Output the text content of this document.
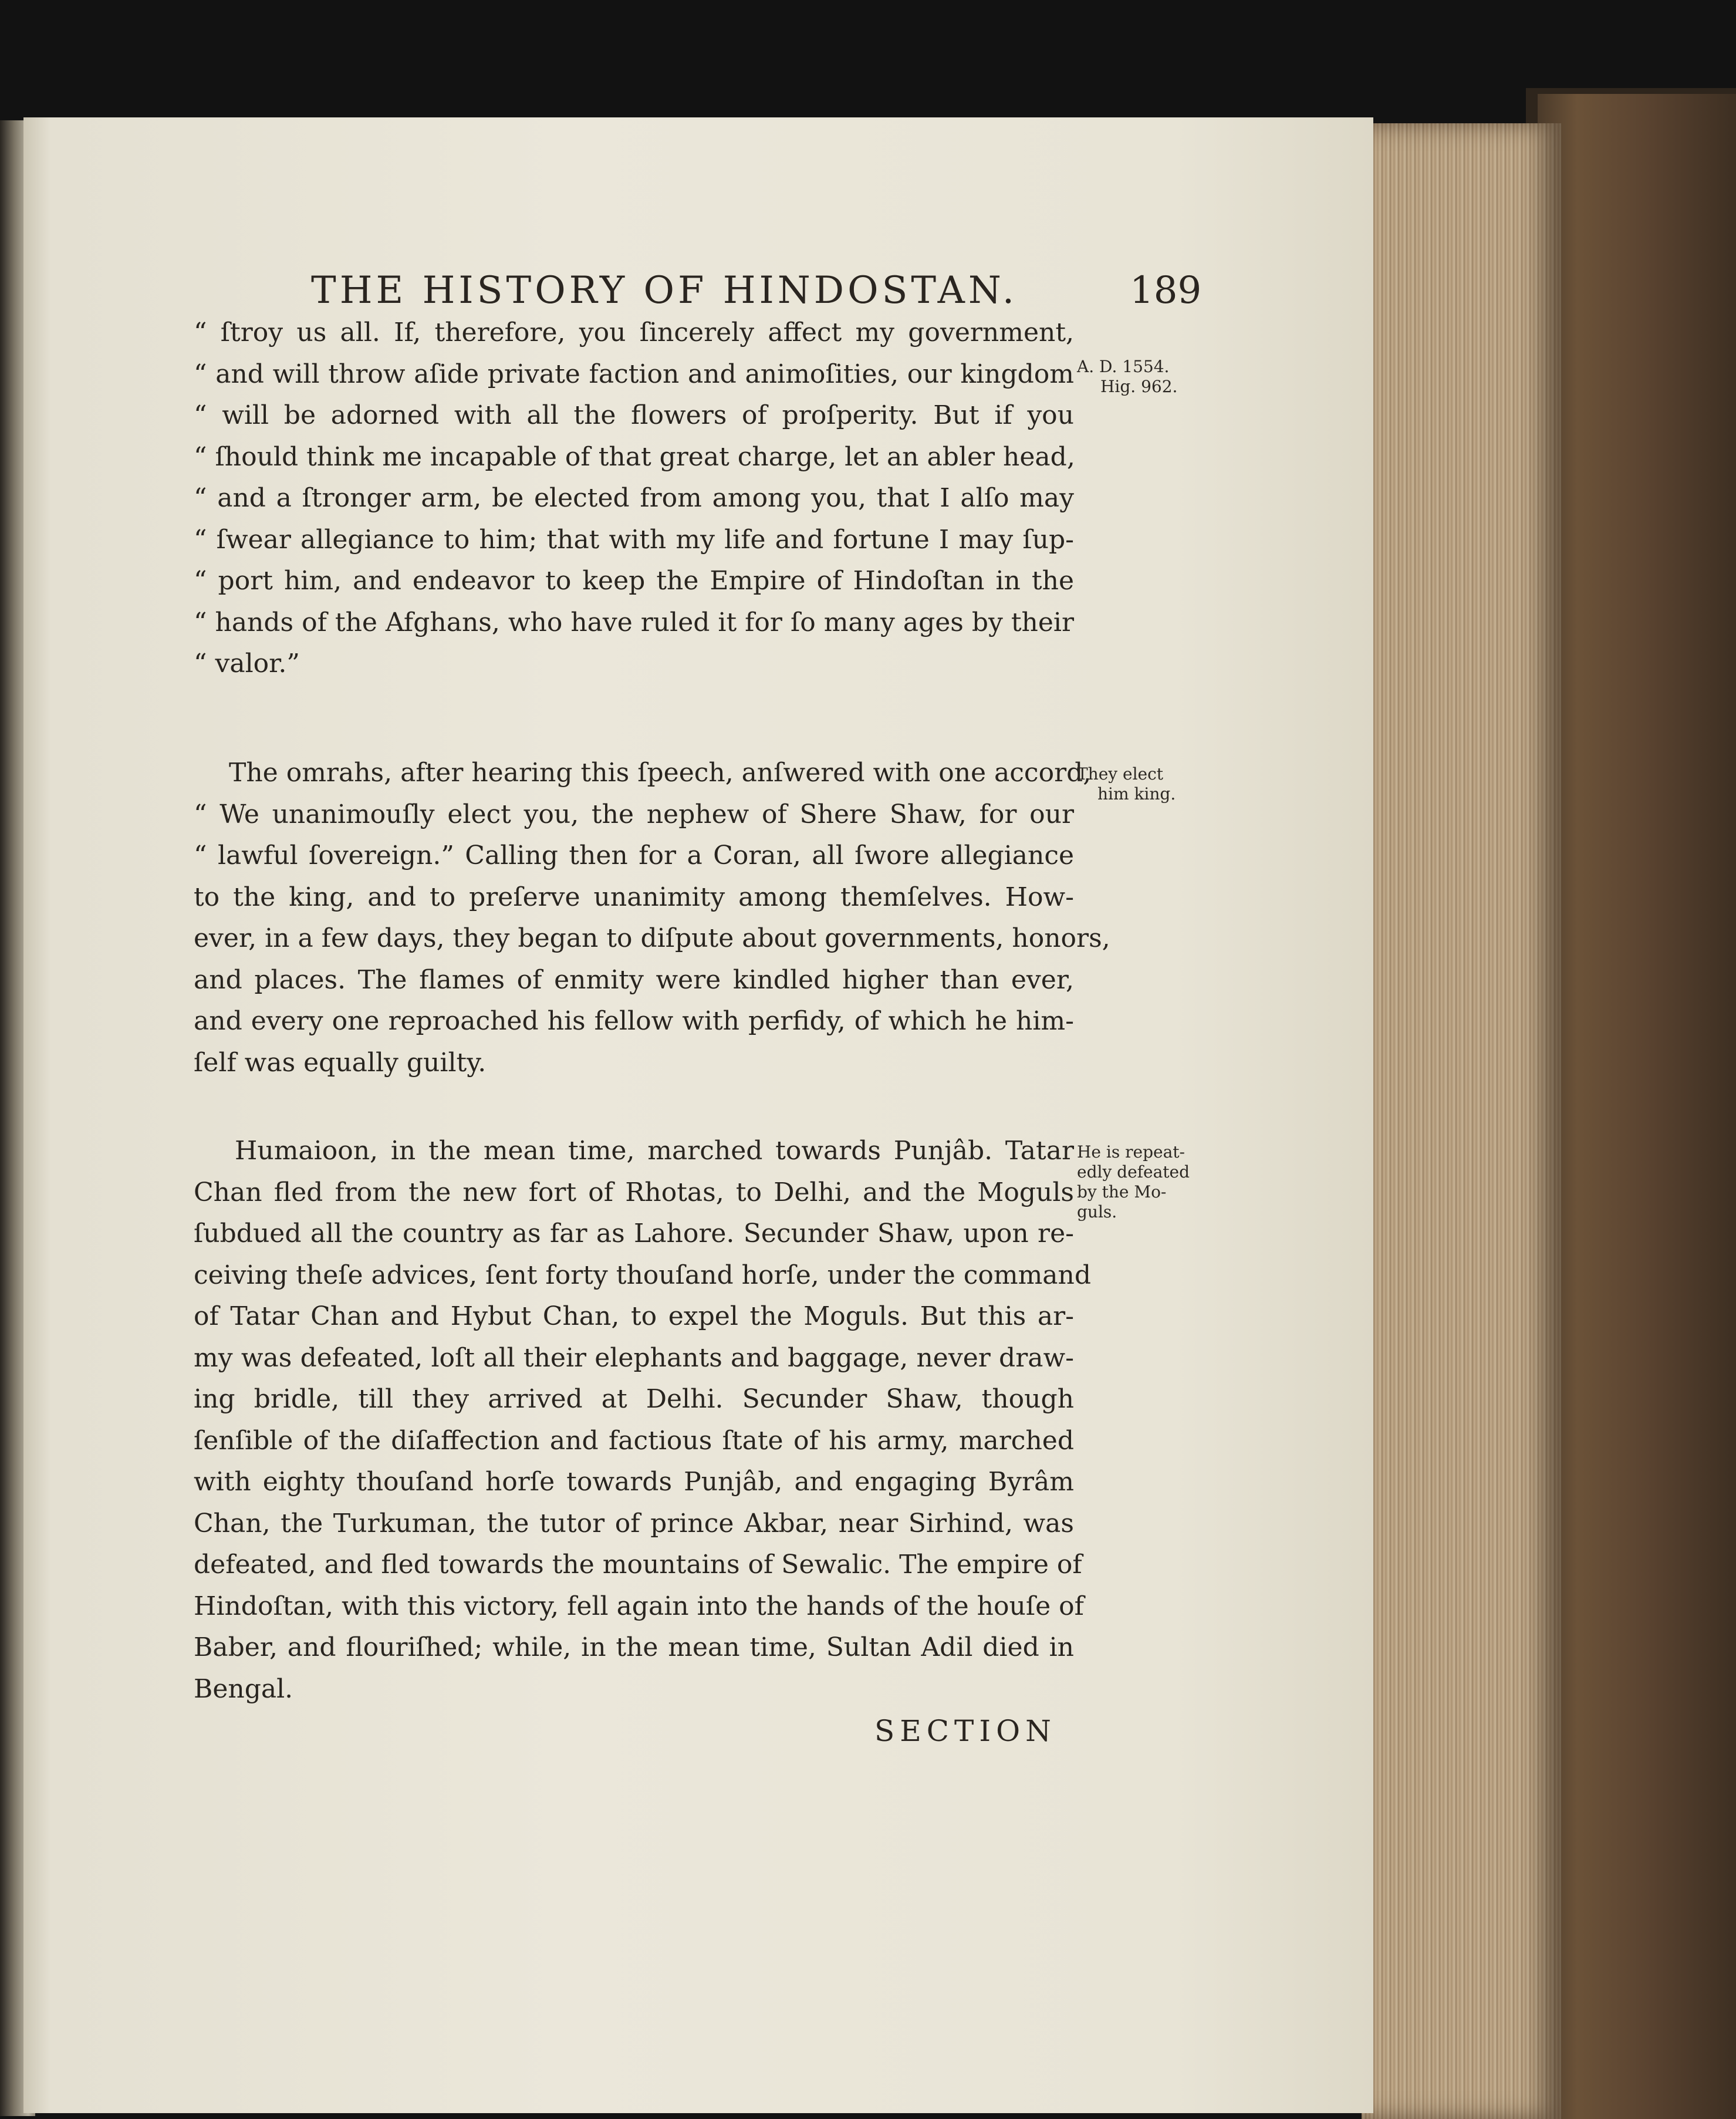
THE HISTORY OF HINDOSTAN.	189
“ ſtroy us all. If, therefore, you ſincerely affect my government,
“ and will throw aſide private faction and animoſities, our kingdom
“ will be adorned with all the flowers of proſperity. But if you
“ ſhould think me incapable of that great charge, let an abler head,
“ and a ſtronger arm, be elected from among you, that I alſo may
“ ſwear allegiance to him; that with my life and fortune I may ſup-
“ port him, and endeavor to keep the Empire of Hindoſtan in the
“ hands of the Afghans, who have ruled it for ſo many ages by their
“ valor.”
The omrahs, after hearing this ſpeech, anſwered with one accord,
“ We unanimouſly elect you, the nephew of Shere Shaw, for our
“ lawful ſovereign.” Calling then for a Coran, all ſwore allegiance
to the king, and to preſerve unanimity among themſelves. How-
ever, in a few days, they began to diſpute about governments, honors,
and places. The flames of enmity were kindled higher than ever,
and every one reproached his fellow with perfidy, of which he him-
ſelf was equally guilty.
Humaioon, in the mean time, marched towards Punjâb. Tatar
Chan fled from the new fort of Rhotas, to Delhi, and the Moguls
ſubdued all the country as far as Lahore. Secunder Shaw, upon re-
ceiving theſe advices, ſent forty thouſand horſe, under the command
of Tatar Chan and Hybut Chan, to expel the Moguls. But this ar-
my was defeated, loſt all their elephants and baggage, never draw-
ing bridle, till they arrived at Delhi. Secunder Shaw, though
ſenſible of the diſaffection and factious ſtate of his army, marched
with eighty thouſand horſe towards Punjâb, and engaging Byrâm
Chan, the Turkuman, the tutor of prince Akbar, near Sirhind, was
defeated, and fled towards the mountains of Sewalic. The empire of
Hindoſtan, with this victory, fell again into the hands of the houſe of
Baber, and flouriſhed; while, in the mean time, Sultan Adil died in
Bengal.
A. D. 1554.
Hig. 962.
They elect
him king.
He is repeat-
edly defeated
by the Mo-
guls.
SECTION
